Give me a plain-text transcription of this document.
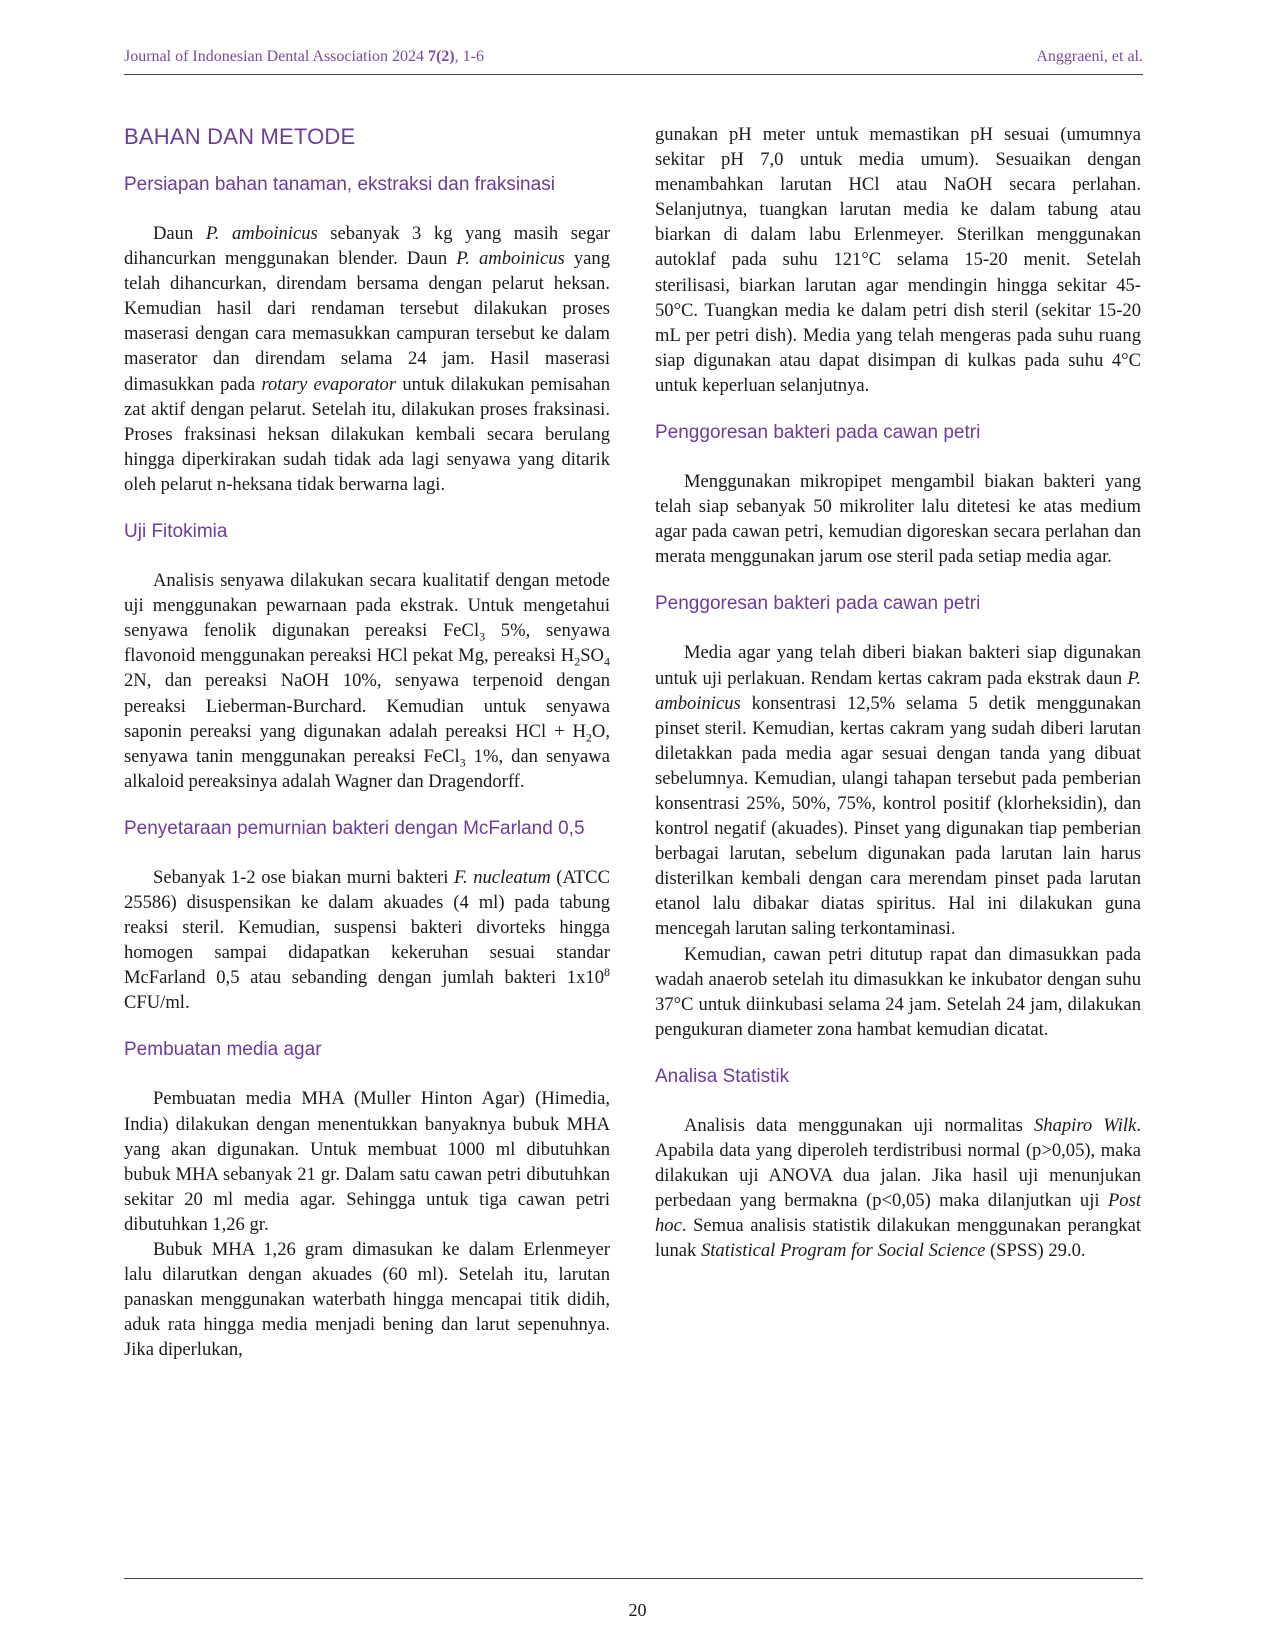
Journal of Indonesian Dental Association 2024 7(2), 1-6	Anggraeni, et al.
BAHAN DAN METODE
Persiapan bahan tanaman, ekstraksi dan fraksinasi

Daun P. amboinicus sebanyak 3 kg yang masih segar dihancurkan menggunakan blender. Daun P. amboinicus yang telah dihancurkan, direndam bersama dengan pelarut heksan. Kemudian hasil dari rendaman tersebut dilakukan proses maserasi dengan cara memasukkan campuran tersebut ke dalam maserator dan direndam selama 24 jam. Hasil maserasi dimasukkan pada rotary evaporator untuk dilakukan pemisahan zat aktif dengan pelarut. Setelah itu, dilakukan proses fraksinasi. Proses fraksinasi heksan dilakukan kembali secara berulang hingga diperkirakan sudah tidak ada lagi senyawa yang ditarik oleh pelarut n-heksana tidak berwarna lagi.

Uji Fitokimia

Analisis senyawa dilakukan secara kualitatif dengan metode uji menggunakan pewarnaan pada ekstrak. Untuk mengetahui senyawa fenolik digunakan pereaksi FeCl$_3$ 5%, senyawa flavonoid menggunakan pereaksi HCl pekat Mg, pereaksi $H_2SO_4$ 2N, dan pereaksi NaOH 10%, senyawa terpenoid dengan pereaksi Lieberman-Burchard. Kemudian untuk senyawa saponin pereaksi yang digunakan adalah pereaksi HCl + $H_2O$, senyawa tanin menggunakan pereaksi FeCl$_3$ 1%, dan senyawa alkaloid pereaksinya adalah Wagner dan Dragendorff.

Penyetaraan pemurnian bakteri dengan McFarland 0,5

Sebanyak 1-2 ose biakan murni bakteri F. nucleatum (ATCC 25586) disuspensikan ke dalam akuades (4 ml) pada tabung reaksi steril. Kemudian, suspensi bakteri divorteks hingga homogen sampai didapatkan kekeruhan sesuai standar McFarland 0,5 atau sebanding dengan jumlah bakteri $1x10^8$ CFU/ml.

Pembuatan media agar

Pembuatan media MHA (Muller Hinton Agar) (Himedia, India) dilakukan dengan menentukkan banyaknya bubuk MHA yang akan digunakan. Untuk membuat 1000 ml dibutuhkan bubuk MHA sebanyak 21 gr. Dalam satu cawan petri dibutuhkan sekitar 20 ml media agar. Sehingga untuk tiga cawan petri dibutuhkan 1,26 gr.

Bubuk MHA 1,26 gram dimasukan ke dalam Erlenmeyer lalu dilarutkan dengan akuades (60 ml). Setelah itu, larutan panaskan menggunakan waterbath hingga mencapai titik didih, aduk rata hingga media menjadi bening dan larut sepenuhnya. Jika diperlukan,

gunakan pH meter untuk memastikan pH sesuai (umumnya sekitar pH 7,0 untuk media umum). Sesuaikan dengan menambahkan larutan HCl atau NaOH secara perlahan. Selanjutnya, tuangkan larutan media ke dalam tabung atau biarkan di dalam labu Erlenmeyer. Sterilkan menggunakan autoklaf pada suhu 121°C selama 15-20 menit. Setelah sterilisasi, biarkan larutan agar mendingin hingga sekitar 45-50°C. Tuangkan media ke dalam petri dish steril (sekitar 15-20 mL per petri dish). Media yang telah mengeras pada suhu ruang siap digunakan atau dapat disimpan di kulkas pada suhu 4°C untuk keperluan selanjutnya.

Penggoresan bakteri pada cawan petri

Menggunakan mikropipet mengambil biakan bakteri yang telah siap sebanyak 50 mikroliter lalu ditetesi ke atas medium agar pada cawan petri, kemudian digoreskan secara perlahan dan merata menggunakan jarum ose steril pada setiap media agar.

Penggoresan bakteri pada cawan petri

Media agar yang telah diberi biakan bakteri siap digunakan untuk uji perlakuan. Rendam kertas cakram pada ekstrak daun P. amboinicus konsentrasi 12,5% selama 5 detik menggunakan pinset steril. Kemudian, kertas cakram yang sudah diberi larutan diletakkan pada media agar sesuai dengan tanda yang dibuat sebelumnya. Kemudian, ulangi tahapan tersebut pada pemberian konsentrasi 25%, 50%, 75%, kontrol positif (klorheksidin), dan kontrol negatif (akuades). Pinset yang digunakan tiap pemberian berbagai larutan, sebelum digunakan pada larutan lain harus disterilkan kembali dengan cara merendam pinset pada larutan etanol lalu dibakar diatas spiritus. Hal ini dilakukan guna mencegah larutan saling terkontaminasi.

Kemudian, cawan petri ditutup rapat dan dimasukkan pada wadah anaerob setelah itu dimasukkan ke inkubator dengan suhu 37°C untuk diinkubasi selama 24 jam. Setelah 24 jam, dilakukan pengukuran diameter zona hambat kemudian dicatat.

Analisa Statistik

Analisis data menggunakan uji normalitas Shapiro Wilk. Apabila data yang diperoleh terdistribusi normal (p>0,05), maka dilakukan uji ANOVA dua jalan. Jika hasil uji menunjukan perbedaan yang bermakna (p<0,05) maka dilanjutkan uji Post hoc. Semua analisis statistik dilakukan menggunakan perangkat lunak Statistical Program for Social Science (SPSS) 29.0.

20
